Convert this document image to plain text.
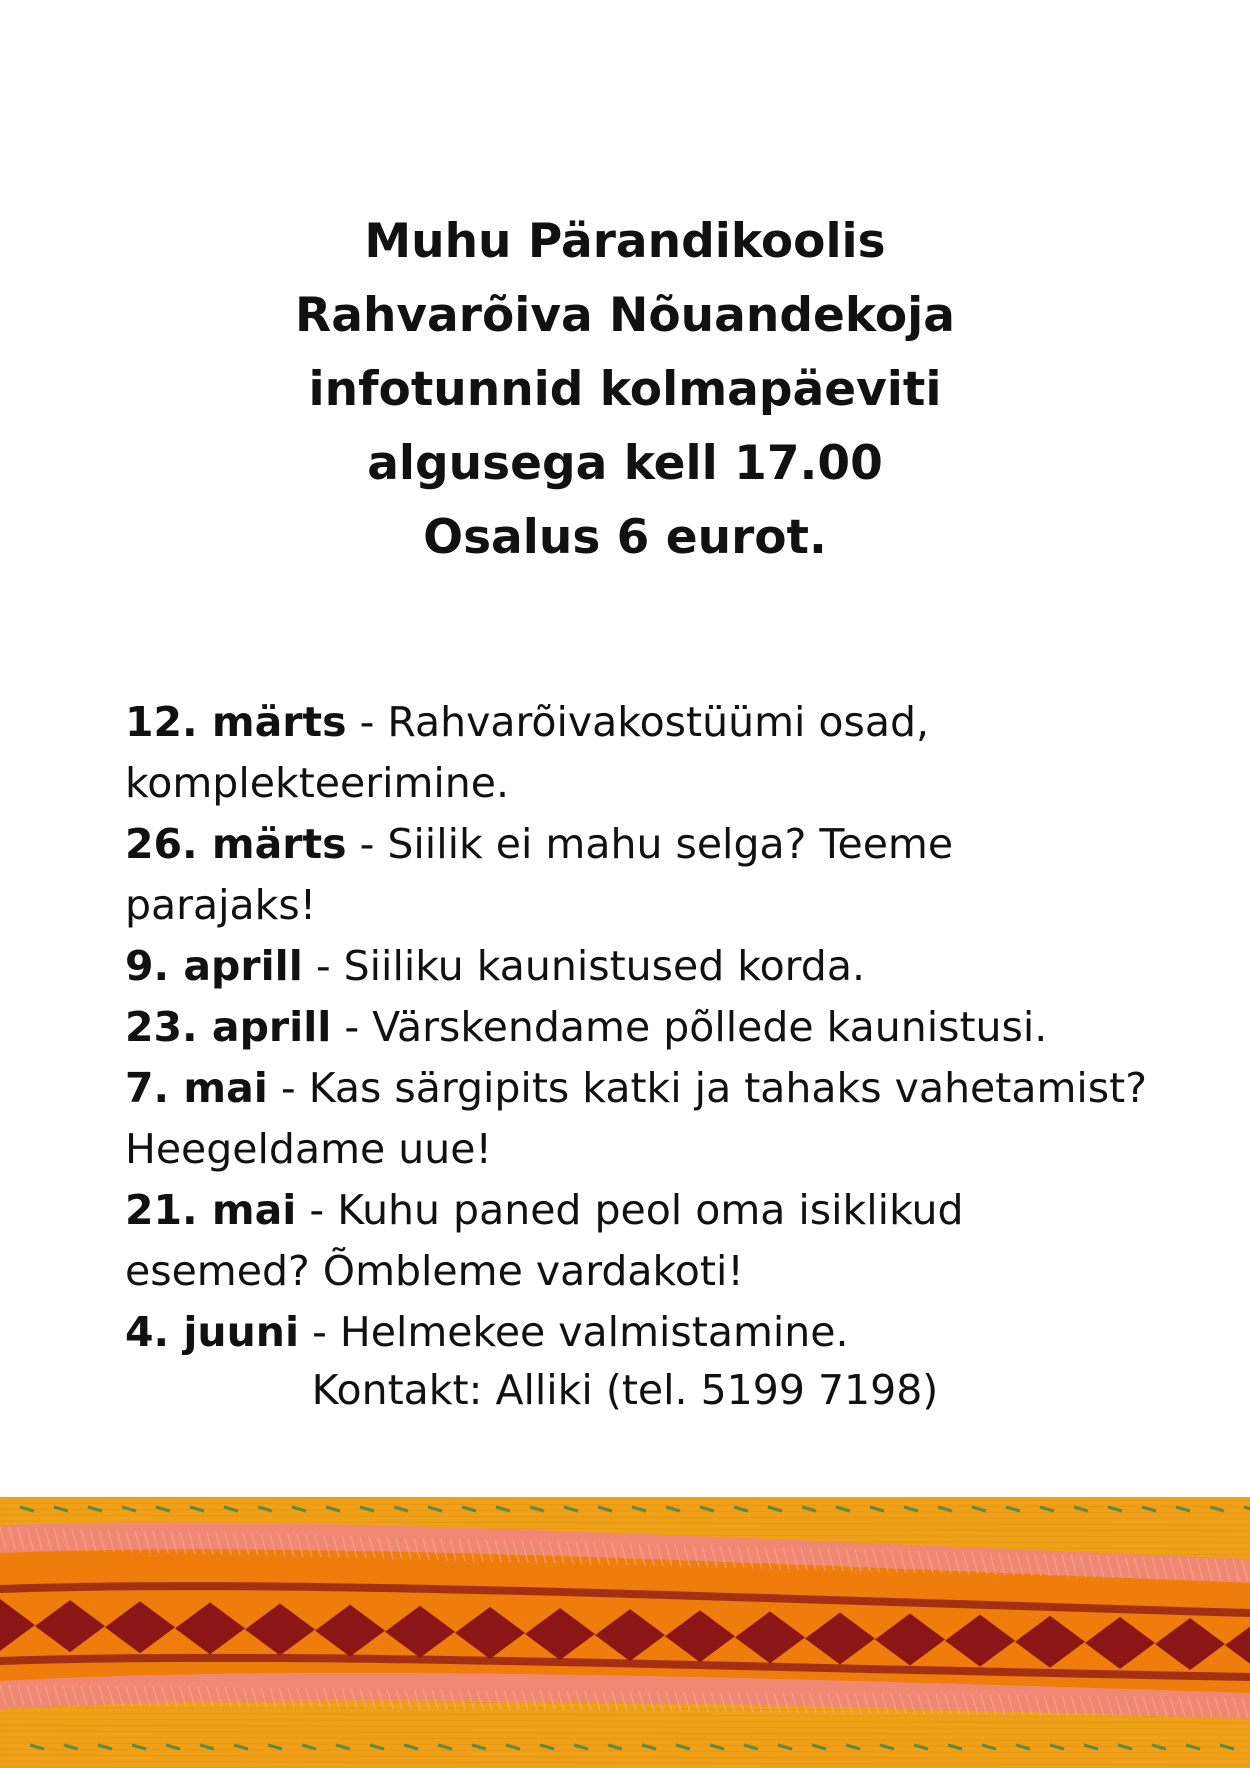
Muhu Pärandikoolis
Rahvarõiva Nõuandekoja
infotunnid kolmapäeviti
algusega kell 17.00
Osalus 6 eurot.
12. märts - Rahvarõivakostüümi osad, komplekteerimine.
26. märts - Siilik ei mahu selga? Teeme parajaks!
9. aprill - Siiliku kaunistused korda.
23. aprill - Värskendame põllede kaunistusi.
7. mai - Kas särgipits katki ja tahaks vahetamist? Heegeldame uue!
21. mai - Kuhu paned peol oma isiklikud esemed? Õmbleme vardakoti!
4. juuni - Helmekee valmistamine.
Kontakt: Alliki (tel. 5199 7198)
